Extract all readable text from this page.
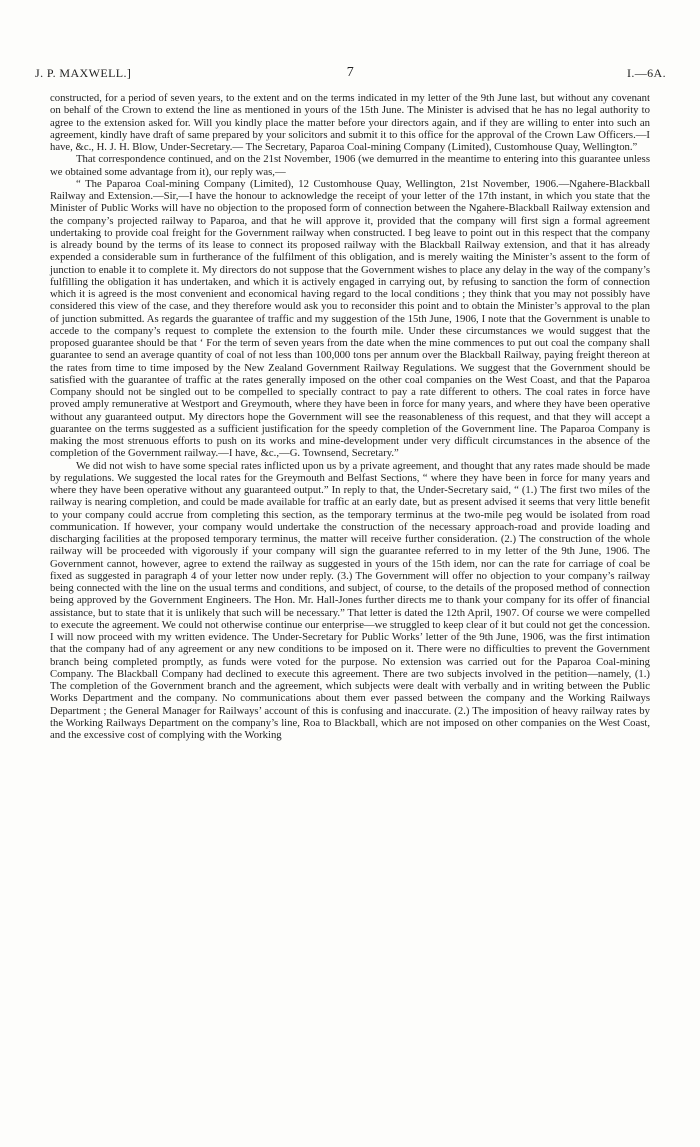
J. P. MAXWELL.]	7	I.—6A.

constructed, for a period of seven years, to the extent and on the terms indicated in my letter of the 9th June last, but without any covenant on behalf of the Crown to extend the line as mentioned in yours of the 15th June. The Minister is advised that he has no legal authority to agree to the extension asked for. Will you kindly place the matter before your directors again, and if they are willing to enter into such an agreement, kindly have draft of same prepared by your solicitors and submit it to this office for the approval of the Crown Law Officers.—I have, &c., H. J. H. Blow, Under-Secretary.— The Secretary, Paparoa Coal-mining Company (Limited), Customhouse Quay, Wellington.”

That correspondence continued, and on the 21st November, 1906 (we demurred in the meantime to entering into this guarantee unless we obtained some advantage from it), our reply was,—

“ The Paparoa Coal-mining Company (Limited), 12 Customhouse Quay, Wellington, 21st November, 1906.—Ngahere-Blackball Railway and Extension.—Sir,—I have the honour to acknowledge the receipt of your letter of the 17th instant, in which you state that the Minister of Public Works will have no objection to the proposed form of connection between the Ngahere-Blackball Railway extension and the company’s projected railway to Paparoa, and that he will approve it, provided that the company will first sign a formal agreement undertaking to provide coal freight for the Government railway when constructed. I beg leave to point out in this respect that the company is already bound by the terms of its lease to connect its proposed railway with the Blackball Railway extension, and that it has already expended a considerable sum in furtherance of the fulfilment of this obligation, and is merely waiting the Minister’s assent to the form of junction to enable it to complete it. My directors do not suppose that the Government wishes to place any delay in the way of the company’s fulfilling the obligation it has undertaken, and which it is actively engaged in carrying out, by refusing to sanction the form of connection which it is agreed is the most convenient and economical having regard to the local conditions ; they think that you may not possibly have considered this view of the case, and they therefore would ask you to reconsider this point and to obtain the Minister’s approval to the plan of junction submitted. As regards the guarantee of traffic and my suggestion of the 15th June, 1906, I note that the Government is unable to accede to the company’s request to complete the extension to the fourth mile. Under these circumstances we would suggest that the proposed guarantee should be that ‘ For the term of seven years from the date when the mine commences to put out coal the company shall guarantee to send an average quantity of coal of not less than 100,000 tons per annum over the Blackball Railway, paying freight thereon at the rates from time to time imposed by the New Zealand Government Railway Regulations. We suggest that the Government should be satisfied with the guarantee of traffic at the rates generally imposed on the other coal companies on the West Coast, and that the Paparoa Company should not be singled out to be compelled to specially contract to pay a rate different to others. The coal rates in force have proved amply remunerative at Westport and Greymouth, where they have been in force for many years, and where they have been operative without any guaranteed output. My directors hope the Government will see the reasonableness of this request, and that they will accept a guarantee on the terms suggested as a sufficient justification for the speedy completion of the Government line. The Paparoa Company is making the most strenuous efforts to push on its works and mine-development under very difficult circumstances in the absence of the completion of the Government railway.—I have, &c.,—G. Townsend, Secretary.”

We did not wish to have some special rates inflicted upon us by a private agreement, and thought that any rates made should be made by regulations. We suggested the local rates for the Greymouth and Belfast Sections, “ where they have been in force for many years and where they have been operative without any guaranteed output.” In reply to that, the Under-Secretary said, “ (1.) The first two miles of the railway is nearing completion, and could be made available for traffic at an early date, but as present advised it seems that very little benefit to your company could accrue from completing this section, as the temporary terminus at the two-mile peg would be isolated from road communication. If however, your company would undertake the construction of the necessary approach-road and provide loading and discharging facilities at the proposed temporary terminus, the matter will receive further consideration. (2.) The construction of the whole railway will be proceeded with vigorously if your company will sign the guarantee referred to in my letter of the 9th June, 1906. The Government cannot, however, agree to extend the railway as suggested in yours of the 15th idem, nor can the rate for carriage of coal be fixed as suggested in paragraph 4 of your letter now under reply. (3.) The Government will offer no objection to your company’s railway being connected with the line on the usual terms and conditions, and subject, of course, to the details of the proposed method of connection being approved by the Government Engineers. The Hon. Mr. Hall-Jones further directs me to thank your company for its offer of financial assistance, but to state that it is unlikely that such will be necessary.” That letter is dated the 12th April, 1907. Of course we were compelled to execute the agreement. We could not otherwise continue our enterprise—we struggled to keep clear of it but could not get the concession. I will now proceed with my written evidence. The Under-Secretary for Public Works’ letter of the 9th June, 1906, was the first intimation that the company had of any agreement or any new conditions to be imposed on it. There were no difficulties to prevent the Government branch being completed promptly, as funds were voted for the purpose. No extension was carried out for the Paparoa Coal-mining Company. The Blackball Company had declined to execute this agreement. There are two subjects involved in the petition—namely, (1.) The completion of the Government branch and the agreement, which subjects were dealt with verbally and in writing between the Public Works Department and the company. No communications about them ever passed between the company and the Working Railways Department ; the General Manager for Railways’ account of this is confusing and inaccurate. (2.) The imposition of heavy railway rates by the Working Railways Department on the company’s line, Roa to Blackball, which are not imposed on other companies on the West Coast, and the excessive cost of complying with the Working
